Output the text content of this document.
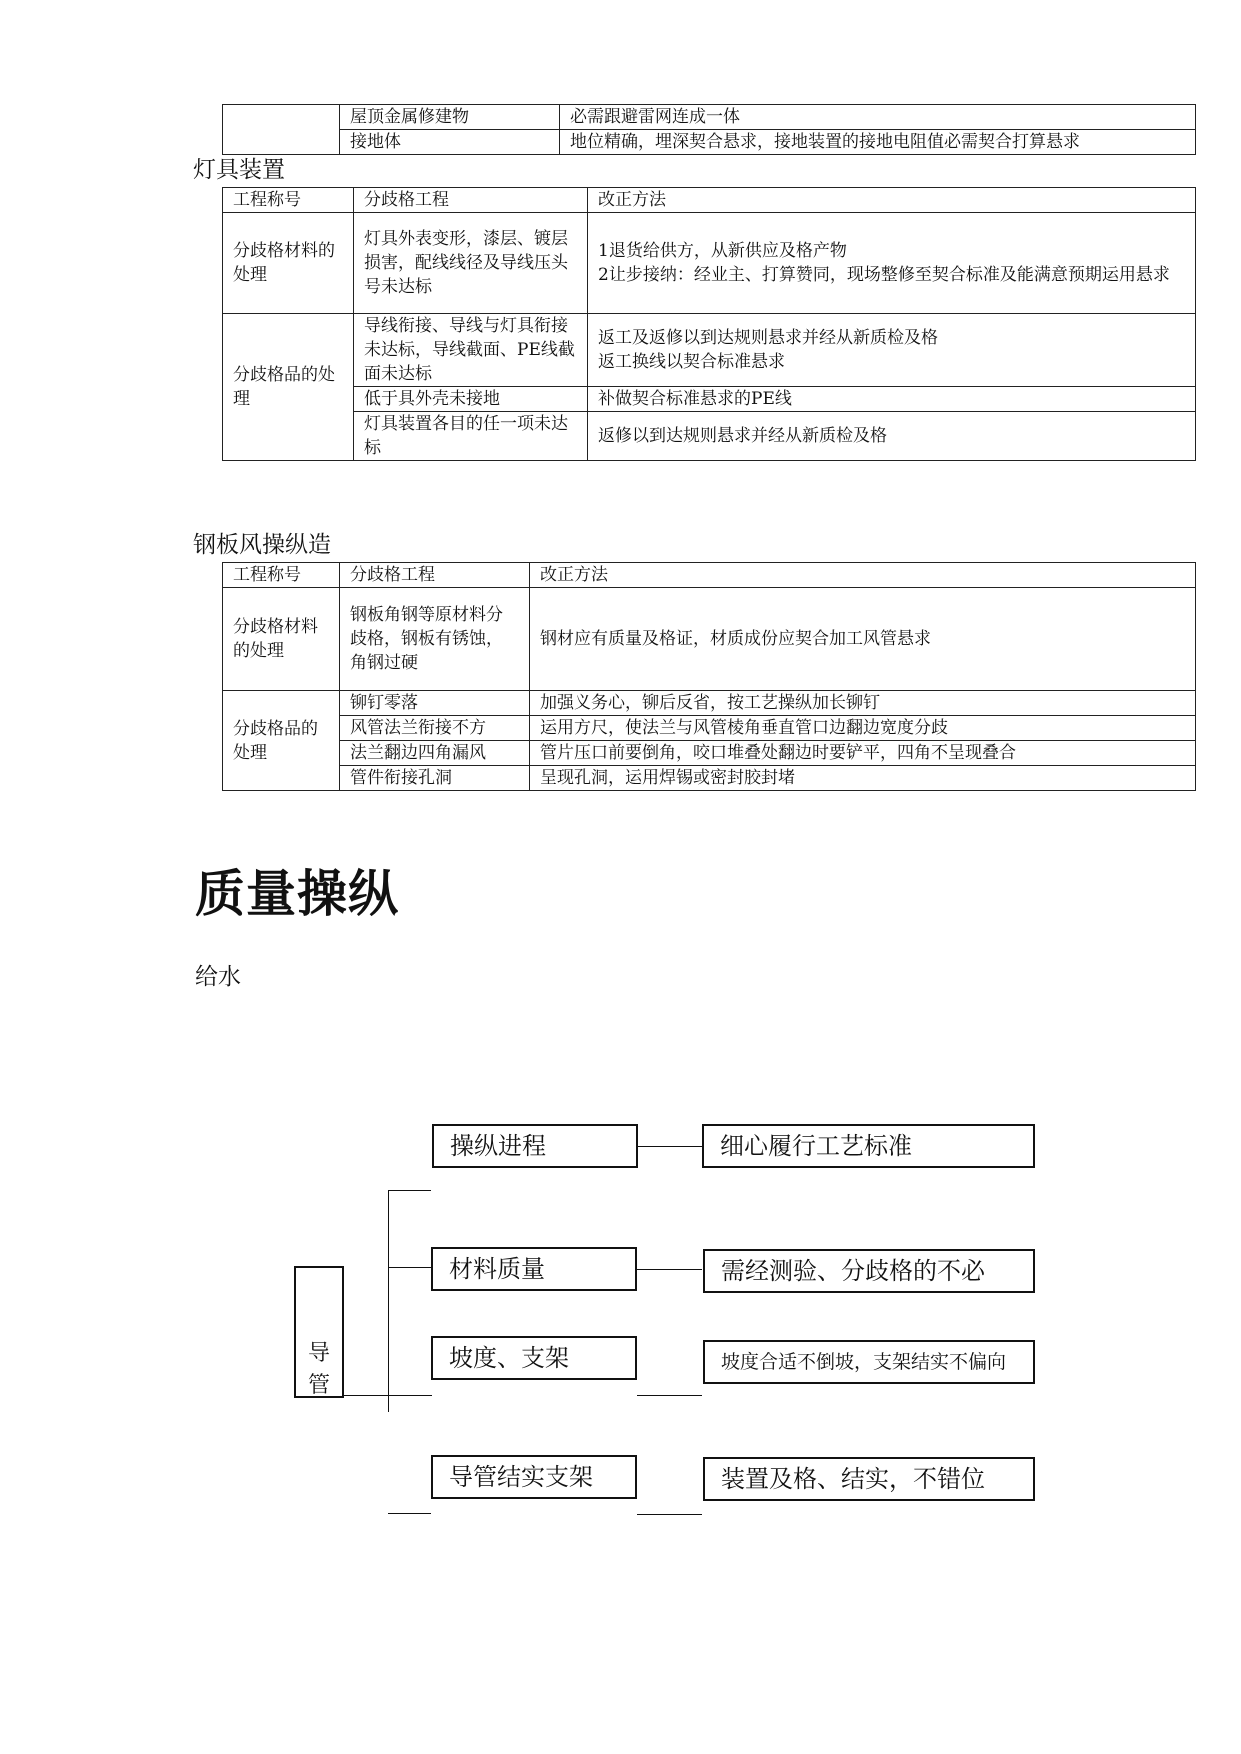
	屋顶金属修建物	必需跟避雷网连成一体
	接地体	地位精确，埋深契合悬求，接地装置的接地电阻值必需契合打算悬求
灯具装置
工程称号	分歧格工程	改正方法
分歧格材料的处理	灯具外表变形，漆层、镀层损害，配线线径及导线压头号未达标	1退货给供方，从新供应及格产物
2让步接纳：经业主、打算赞同，现场整修至契合标准及能满意预期运用悬求
分歧格品的处理	导线衔接、导线与灯具衔接未达标，导线截面、PE线截面未达标	返工及返修以到达规则悬求并经从新质检及格
返工换线以契合标准悬求
	低于具外壳未接地	补做契合标准悬求的PE线
	灯具装置各目的任一项未达标	返修以到达规则悬求并经从新质检及格
钢板风操纵造
工程称号	分歧格工程	改正方法
分歧格材料的处理	钢板角钢等原材料分歧格，钢板有锈蚀，角钢过硬	钢材应有质量及格证，材质成份应契合加工风管悬求
分歧格品的处理	铆钉零落	加强义务心，铆后反省，按工艺操纵加长铆钉
	风管法兰衔接不方	运用方尺，使法兰与风管棱角垂直管口边翻边宽度分歧
	法兰翻边四角漏风	管片压口前要倒角，咬口堆叠处翻边时要铲平，四角不呈现叠合
	管件衔接孔洞	呈现孔洞，运用焊锡或密封胶封堵
质量操纵

给水

导
管
操纵进程
材料质量
坡度、支架
导管结实支架
细心履行工艺标准
需经测验、分歧格的不必
坡度合适不倒坡，支架结实不偏向
装置及格、结实，不错位
